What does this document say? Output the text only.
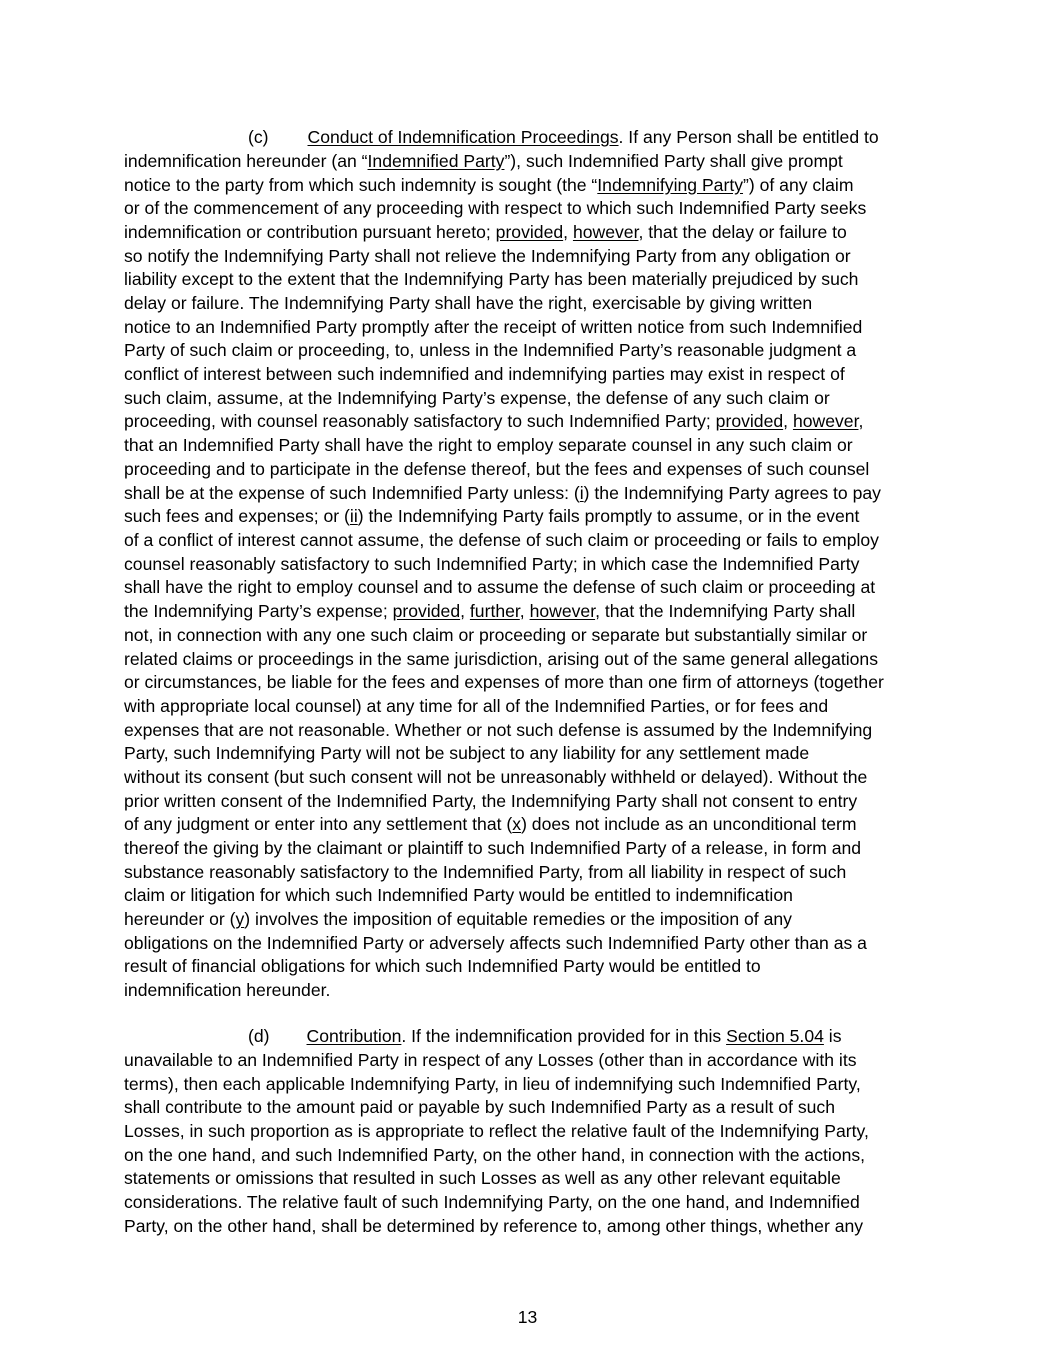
(c) Conduct of Indemnification Proceedings. If any Person shall be entitled to
indemnification hereunder (an “Indemnified Party”), such Indemnified Party shall give prompt
notice to the party from which such indemnity is sought (the “Indemnifying Party”) of any claim
or of the commencement of any proceeding with respect to which such Indemnified Party seeks
indemnification or contribution pursuant hereto; provided, however, that the delay or failure to
so notify the Indemnifying Party shall not relieve the Indemnifying Party from any obligation or
liability except to the extent that the Indemnifying Party has been materially prejudiced by such
delay or failure. The Indemnifying Party shall have the right, exercisable by giving written
notice to an Indemnified Party promptly after the receipt of written notice from such Indemnified
Party of such claim or proceeding, to, unless in the Indemnified Party’s reasonable judgment a
conflict of interest between such indemnified and indemnifying parties may exist in respect of
such claim, assume, at the Indemnifying Party’s expense, the defense of any such claim or
proceeding, with counsel reasonably satisfactory to such Indemnified Party; provided, however,
that an Indemnified Party shall have the right to employ separate counsel in any such claim or
proceeding and to participate in the defense thereof, but the fees and expenses of such counsel
shall be at the expense of such Indemnified Party unless: (i) the Indemnifying Party agrees to pay
such fees and expenses; or (ii) the Indemnifying Party fails promptly to assume, or in the event
of a conflict of interest cannot assume, the defense of such claim or proceeding or fails to employ
counsel reasonably satisfactory to such Indemnified Party; in which case the Indemnified Party
shall have the right to employ counsel and to assume the defense of such claim or proceeding at
the Indemnifying Party’s expense; provided, further, however, that the Indemnifying Party shall
not, in connection with any one such claim or proceeding or separate but substantially similar or
related claims or proceedings in the same jurisdiction, arising out of the same general allegations
or circumstances, be liable for the fees and expenses of more than one firm of attorneys (together
with appropriate local counsel) at any time for all of the Indemnified Parties, or for fees and
expenses that are not reasonable. Whether or not such defense is assumed by the Indemnifying
Party, such Indemnifying Party will not be subject to any liability for any settlement made
without its consent (but such consent will not be unreasonably withheld or delayed). Without the
prior written consent of the Indemnified Party, the Indemnifying Party shall not consent to entry
of any judgment or enter into any settlement that (x) does not include as an unconditional term
thereof the giving by the claimant or plaintiff to such Indemnified Party of a release, in form and
substance reasonably satisfactory to the Indemnified Party, from all liability in respect of such
claim or litigation for which such Indemnified Party would be entitled to indemnification
hereunder or (y) involves the imposition of equitable remedies or the imposition of any
obligations on the Indemnified Party or adversely affects such Indemnified Party other than as a
result of financial obligations for which such Indemnified Party would be entitled to
indemnification hereunder.
(d) Contribution. If the indemnification provided for in this Section 5.04 is
unavailable to an Indemnified Party in respect of any Losses (other than in accordance with its
terms), then each applicable Indemnifying Party, in lieu of indemnifying such Indemnified Party,
shall contribute to the amount paid or payable by such Indemnified Party as a result of such
Losses, in such proportion as is appropriate to reflect the relative fault of the Indemnifying Party,
on the one hand, and such Indemnified Party, on the other hand, in connection with the actions,
statements or omissions that resulted in such Losses as well as any other relevant equitable
considerations. The relative fault of such Indemnifying Party, on the one hand, and Indemnified
Party, on the other hand, shall be determined by reference to, among other things, whether any
13
